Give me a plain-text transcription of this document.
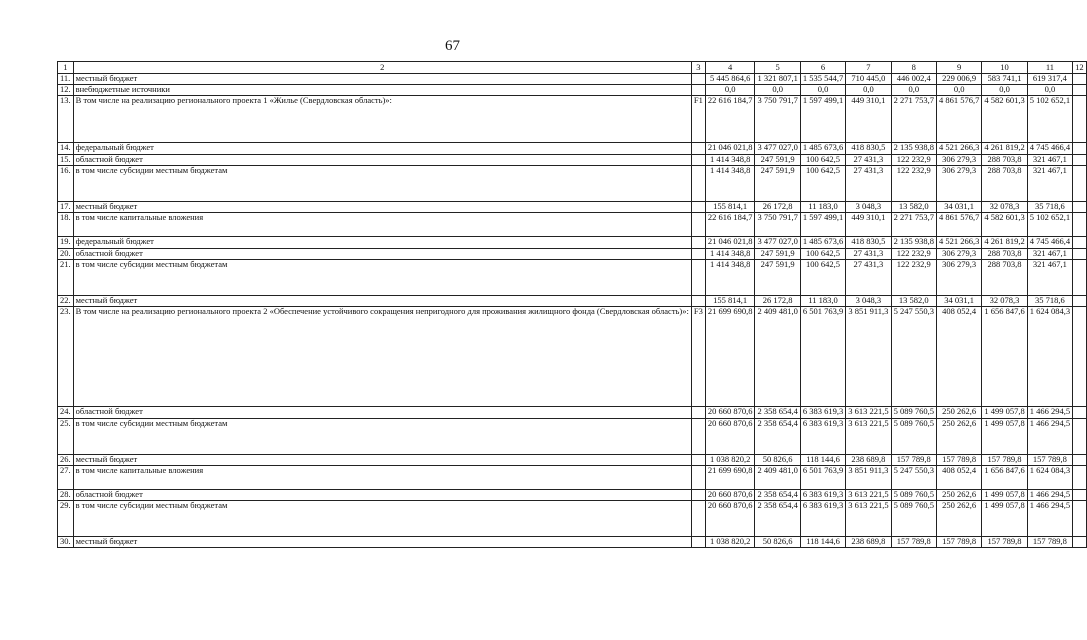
67
1	2	3	4	5	6	7	8	9	10	11	12
11.	местный бюджет		5 445 864,6	1 321 807,1	1 535 544,7	710 445,0	446 002,4	229 006,9	583 741,1	619 317,4	
12.	внебюджетные источники		0,0	0,0	0,0	0,0	0,0	0,0	0,0	0,0	
13.	В том числе на реализацию регионального проекта 1 «Жилье (Свердловская область)»:	F1	22 616 184,7	3 750 791,7	1 597 499,1	449 310,1	2 271 753,7	4 861 576,7	4 582 601,3	5 102 652,1	
14.	федеральный бюджет		21 046 021,8	3 477 027,0	1 485 673,6	418 830,5	2 135 938,8	4 521 266,3	4 261 819,2	4 745 466,4	
15.	областной бюджет		1 414 348,8	247 591,9	100 642,5	27 431,3	122 232,9	306 279,3	288 703,8	321 467,1	
16.	в том числе субсидии местным бюджетам		1 414 348,8	247 591,9	100 642,5	27 431,3	122 232,9	306 279,3	288 703,8	321 467,1	
17.	местный бюджет		155 814,1	26 172,8	11 183,0	3 048,3	13 582,0	34 031,1	32 078,3	35 718,6	
18.	в том числе капитальные вложения		22 616 184,7	3 750 791,7	1 597 499,1	449 310,1	2 271 753,7	4 861 576,7	4 582 601,3	5 102 652,1	
19.	федеральный бюджет		21 046 021,8	3 477 027,0	1 485 673,6	418 830,5	2 135 938,8	4 521 266,3	4 261 819,2	4 745 466,4	
20.	областной бюджет		1 414 348,8	247 591,9	100 642,5	27 431,3	122 232,9	306 279,3	288 703,8	321 467,1	
21.	в том числе субсидии местным бюджетам		1 414 348,8	247 591,9	100 642,5	27 431,3	122 232,9	306 279,3	288 703,8	321 467,1	
22.	местный бюджет		155 814,1	26 172,8	11 183,0	3 048,3	13 582,0	34 031,1	32 078,3	35 718,6	
23.	В том числе на реализацию регионального проекта 2 «Обеспечение устойчивого сокращения непригодного для проживания жилищного фонда (Свердловская область)»:	F3	21 699 690,8	2 409 481,0	6 501 763,9	3 851 911,3	5 247 550,3	408 052,4	1 656 847,6	1 624 084,3	
24.	областной бюджет		20 660 870,6	2 358 654,4	6 383 619,3	3 613 221,5	5 089 760,5	250 262,6	1 499 057,8	1 466 294,5	
25.	в том числе субсидии местным бюджетам		20 660 870,6	2 358 654,4	6 383 619,3	3 613 221,5	5 089 760,5	250 262,6	1 499 057,8	1 466 294,5	
26.	местный бюджет		1 038 820,2	50 826,6	118 144,6	238 689,8	157 789,8	157 789,8	157 789,8	157 789,8	
27.	в том числе капитальные вложения		21 699 690,8	2 409 481,0	6 501 763,9	3 851 911,3	5 247 550,3	408 052,4	1 656 847,6	1 624 084,3	
28.	областной бюджет		20 660 870,6	2 358 654,4	6 383 619,3	3 613 221,5	5 089 760,5	250 262,6	1 499 057,8	1 466 294,5	
29.	в том числе субсидии местным бюджетам		20 660 870,6	2 358 654,4	6 383 619,3	3 613 221,5	5 089 760,5	250 262,6	1 499 057,8	1 466 294,5	
30.	местный бюджет		1 038 820,2	50 826,6	118 144,6	238 689,8	157 789,8	157 789,8	157 789,8	157 789,8	
